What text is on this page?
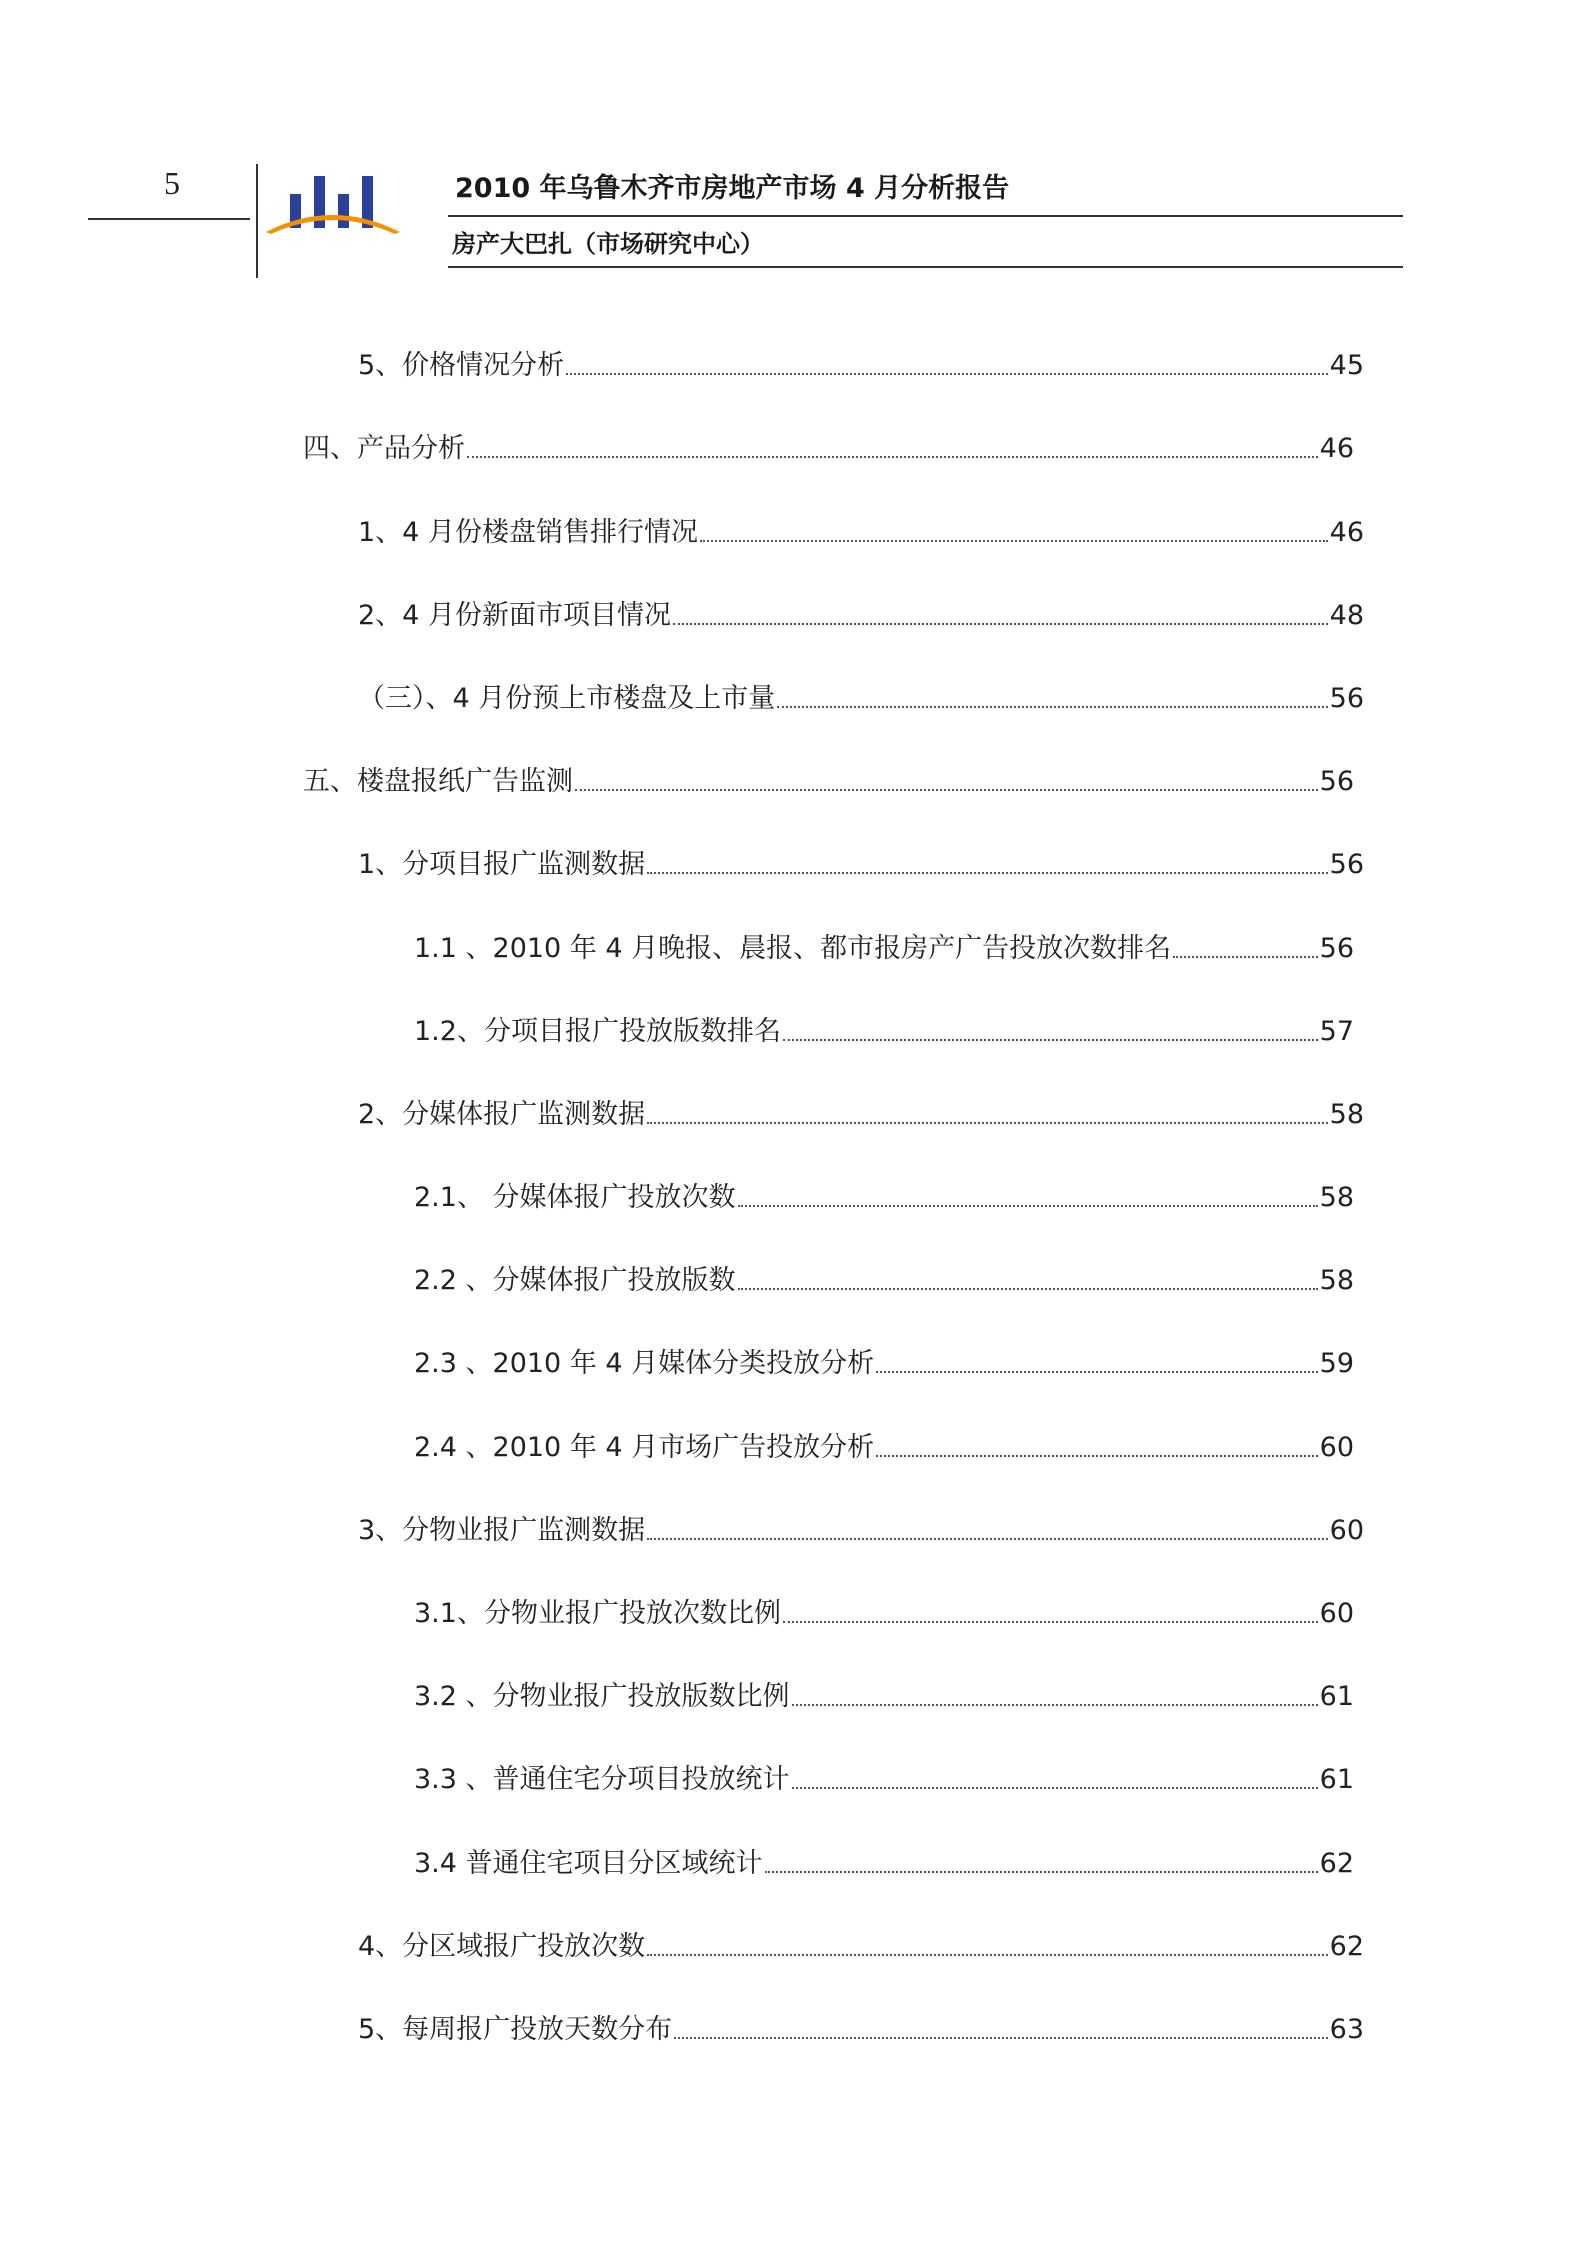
5	2010 年乌鲁木齐市房地产市场 4 月分析报告
房产大巴扎（市场研究中心）
5、价格情况分析	45
四、产品分析	46
1、4 月份楼盘销售排行情况	46
2、4 月份新面市项目情况	48
（三）、4 月份预上市楼盘及上市量	56
五、楼盘报纸广告监测	56
1、分项目报广监测数据	56
1.1 、2010 年 4 月晚报、晨报、都市报房产广告投放次数排名	56
1.2、分项目报广投放版数排名	57
2、分媒体报广监测数据	58
2.1、 分媒体报广投放次数	58
2.2 、分媒体报广投放版数	58
2.3 、2010 年 4 月媒体分类投放分析	59
2.4 、2010 年 4 月市场广告投放分析	60
3、分物业报广监测数据	60
3.1、分物业报广投放次数比例	60
3.2 、分物业报广投放版数比例	61
3.3 、普通住宅分项目投放统计	61
3.4 普通住宅项目分区域统计	62
4、分区域报广投放次数	62
5、每周报广投放天数分布	63
